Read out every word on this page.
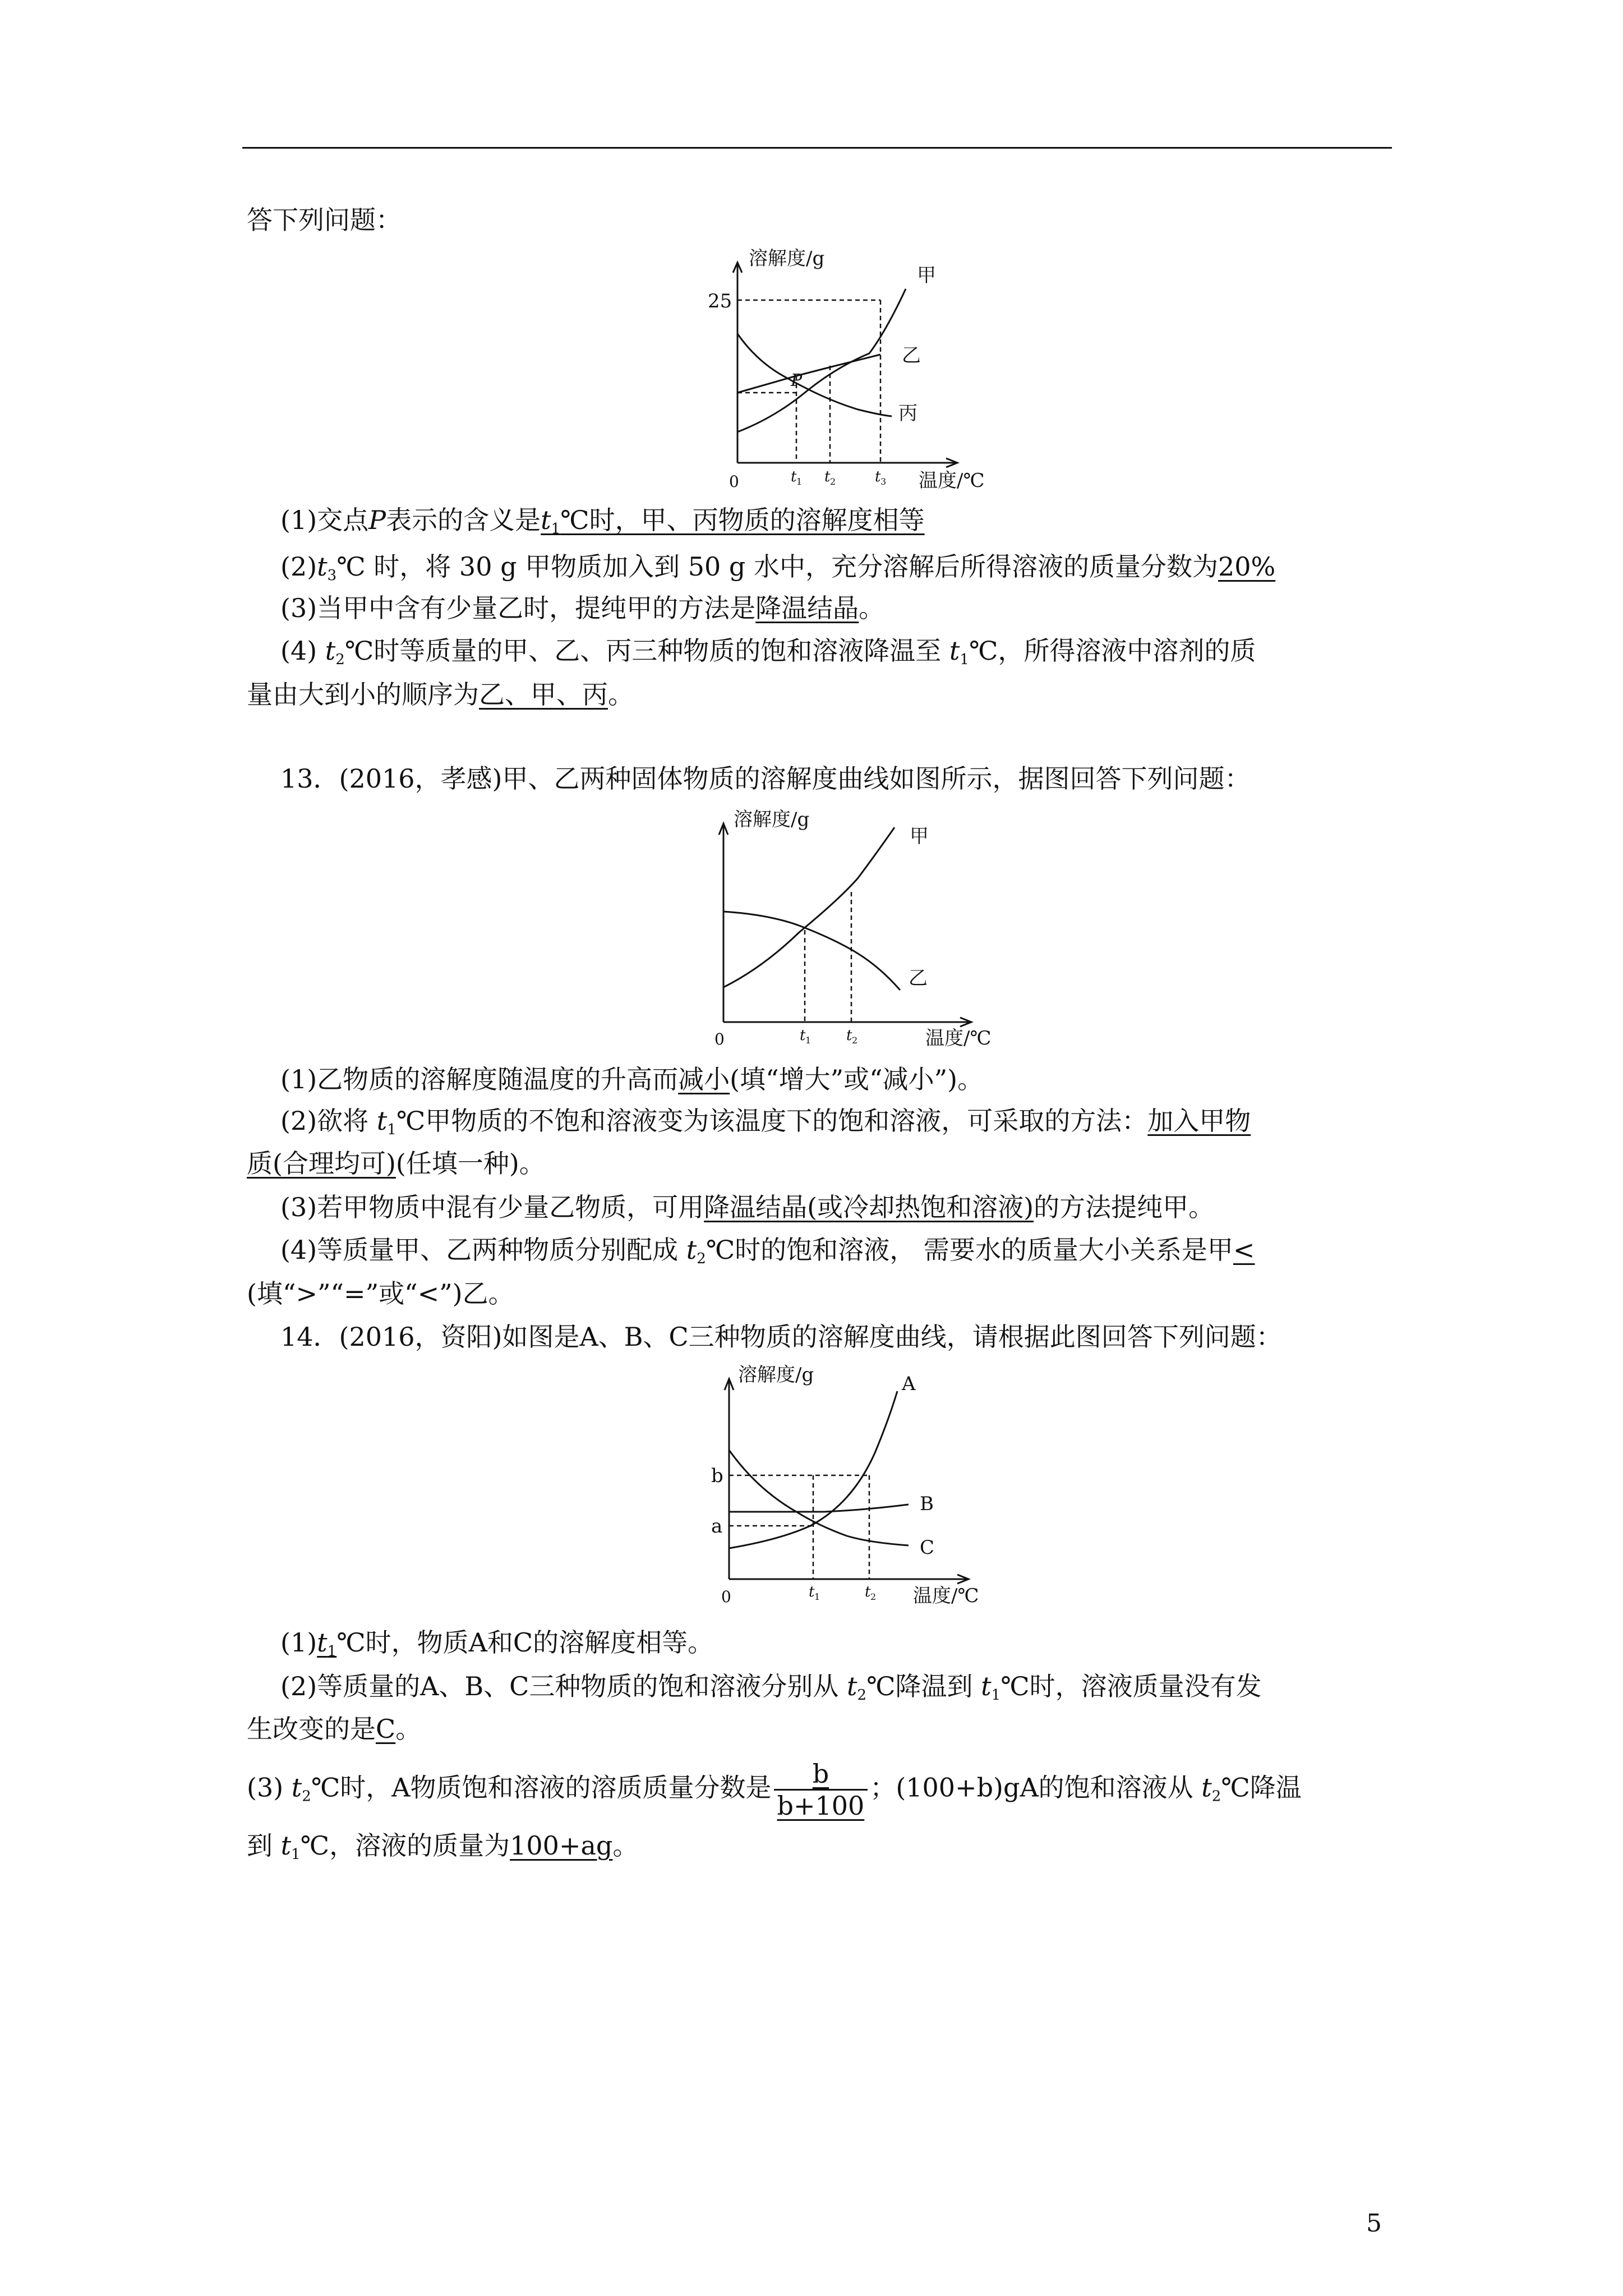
答下列问题：
溶解度/g
25
0
甲
乙
丙
P
温度/℃
t 1 t 2	t 3
(1)交点P表示的含义是$t_1℃$时，甲、丙物质的溶解度相等
$(2)t_3℃$ 时，将 30 g 甲物质加入到 50 g 水中，充分溶解后所得溶液的质量分数为20%
(3)当甲中含有少量乙时，提纯甲的方法是降温结晶。
(4) $t_2℃$时等质量的甲、乙、丙三种物质的饱和溶液降温至 $t_1℃$，所得溶液中溶剂的质
量由大到小的顺序为乙、甲、丙。
13．(2016，孝感)甲、乙两种固体物质的溶解度曲线如图所示，据图回答下列问题：
溶解度/g
0
甲
乙
温度/℃
t 1 t 2
(1)乙物质的溶解度随温度的升高而减小(填“增大”或“减小”)。
(2)欲将 $t_1℃$甲物质的不饱和溶液变为该温度下的饱和溶液，可采取的方法：加入甲物
质(合理均可)(任填一种)。
(3)若甲物质中混有少量乙物质，可用降温结晶(或冷却热饱和溶液)的方法提纯甲。
(4)等质量甲、乙两种物质分别配成 $t_2℃$时的饱和溶液， 需要水的质量大小关系是甲<
(填“>”“=”或“<”)乙。
14．(2016，资阳)如图是A、B、C三种物质的溶解度曲线，请根据此图回答下列问题：
溶解度/g
b
a
0
A
B
C
温度/℃
t 1	t 2
$(1)t_1℃$时，物质A和C的溶解度相等。
(2)等质量的A、B、C三种物质的饱和溶液分别从 $t_2℃$降温到 $t_1℃$时，溶液质量没有发
生改变的是C。
(3) $t_2℃$时，A物质饱和溶液的溶质质量分数是 $\frac{b}{b+100}$ ；(100+b)gA的饱和溶液从 $t_2℃$降温
到 $t_1℃$，溶液的质量为100+ag。
5
